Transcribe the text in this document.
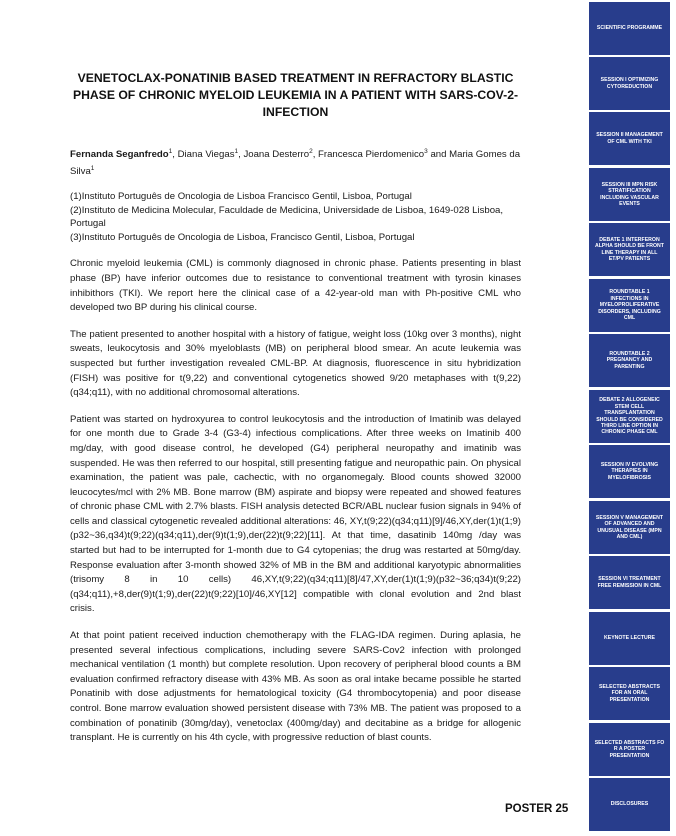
VENETOCLAX-PONATINIB BASED TREATMENT IN REFRACTORY BLASTIC PHASE OF CHRONIC MYELOID LEUKEMIA IN A PATIENT WITH SARS-COV-2-INFECTION
Fernanda Seganfredo$^1$, Diana Viegas$^1$, Joana Desterro$^2$, Francesca Pierdomenico$^3$ and Maria Gomes da Silva$^1$
(1)Instituto Português de Oncologia de Lisboa Francisco Gentil, Lisboa, Portugal
(2)Instituto de Medicina Molecular, Faculdade de Medicina, Universidade de Lisboa, 1649-028 Lisboa, Portugal
(3)Instituto Português de Oncologia de Lisboa, Francisco Gentil, Lisboa, Portugal

Chronic myeloid leukemia (CML) is commonly diagnosed in chronic phase. Patients presenting in blast phase (BP) have inferior outcomes due to resistance to conventional treatment with tyrosin kinases inhibithors (TKI). We report here the clinical case of a 42-year-old man with Ph-positive CML who developed two BP during his clinical course.

The patient presented to another hospital with a history of fatigue, weight loss (10kg over 3 months), night sweats, leukocytosis and 30% myeloblasts (MB) on peripheral blood smear. An acute leukemia was suspected but further investigation revealed CML-BP. At diagnosis, fluorescence in situ hybridization (FISH) was positive for t(9,22) and conventional cytogenetics showed 9/20 metaphases with t(9,22) (q34;q11), with no additional chromosomal alterations.

Patient was started on hydroxyurea to control leukocytosis and the introduction of Imatinib was delayed for one month due to Grade 3-4 (G3-4) infectious complications. After three weeks on Imatinib 400 mg/day, with good disease control, he developed (G4) peripheral neuropathy and imatinib was suspended. He was then referred to our hospital, still presenting fatigue and neuropathic pain. On physical examination, the patient was pale, cachectic, with no organomegaly. Blood counts showed 32000 leucocytes/mcl with 2% MB. Bone marrow (BM) aspirate and biopsy were repeated and showed features of chronic phase CML with 2.7% blasts. FISH analysis detected BCR/ABL nuclear fusion signals in 94% of cells and classical cytogenetic revealed additional alterations: 46, XY,t(9;22)(q34;q11)[9]/46,XY,der(1)t(1;9)(p32~36,q34)t(9;22)(q34;q11),der(9)t(1;9),der(22)t(9;22)[11]. At that time, dasatinib 140mg /day was started but had to be interrupted for 1-month due to G4 cytopenias; the drug was restarted at 50mg/day. Response evaluation after 3-month showed 32% of MB in the BM and additional karyotypic abnormalities (trisomy 8 in 10 cells) 46,XY,t(9;22)(q34;q11)[8]/47,XY,der(1)t(1;9)(p32~36;q34)t(9;22)(q34;q11),+8,der(9)t(1;9),der(22)t(9;22)[10]/46,XY[12] compatible with clonal evolution and 2nd blast crisis.

At that point patient received induction chemotherapy with the FLAG-IDA regimen. During aplasia, he presented several infectious complications, including severe SARS-Cov2 infection with prolonged mechanical ventilation (1 month) but complete resolution. Upon recovery of peripheral blood counts a BM evaluation confirmed refractory disease with 43% MB. As soon as oral intake became possible he started Ponatinib with dose adjustments for hematological toxicity (G4 thrombocytopenia) and poor disease control. Bone marrow evaluation showed persistent disease with 73% MB. The patient was proposed to a combination of ponatinib (30mg/day), venetoclax (400mg/day) and decitabine as a bridge for allogenic transplant. He is currently on his 4th cycle, with progressive reduction of blast counts.

POSTER 25
SCIENTIFIC PROGRAMME
SESSION I OPTIMIZING CYTOREDUCTION
SESSION II MANAGEMENT OF CML WITH TKI
SESSION III MPN RISK STRATIFICATION INCLUDING VASCULAR EVENTS
DEBATE 1 INTERFERON ALPHA SHOULD BE FRONT LINE THERAPY IN ALL ET/PV PATIENTS
ROUNDTABLE 1 INFECTIONS IN MYELOPROLIFERATIVE DISORDERS, INCLUDING CML
ROUNDTABLE 2 PREGNANCY AND PARENTING
DEBATE 2 ALLOGENEIC STEM CELL TRANSPLANTATION SHOULD BE CONSIDERED THIRD LINE OPTION IN CHRONIC PHASE CML
SESSION IV EVOLVING THERAPIES IN MYELOFIBROSIS
SESSION V MANAGEMENT OF ADVANCED AND UNUSUAL DISEASE (MPN AND CML)
SESSION VI TREATMENT FREE REMISSION IN CML
KEYNOTE LECTURE
SELECTED ABSTRACTS FOR AN ORAL PRESENTATION
SELECTED ABSTRACTS FO R A POSTER PRESENTATION
DISCLOSURES
